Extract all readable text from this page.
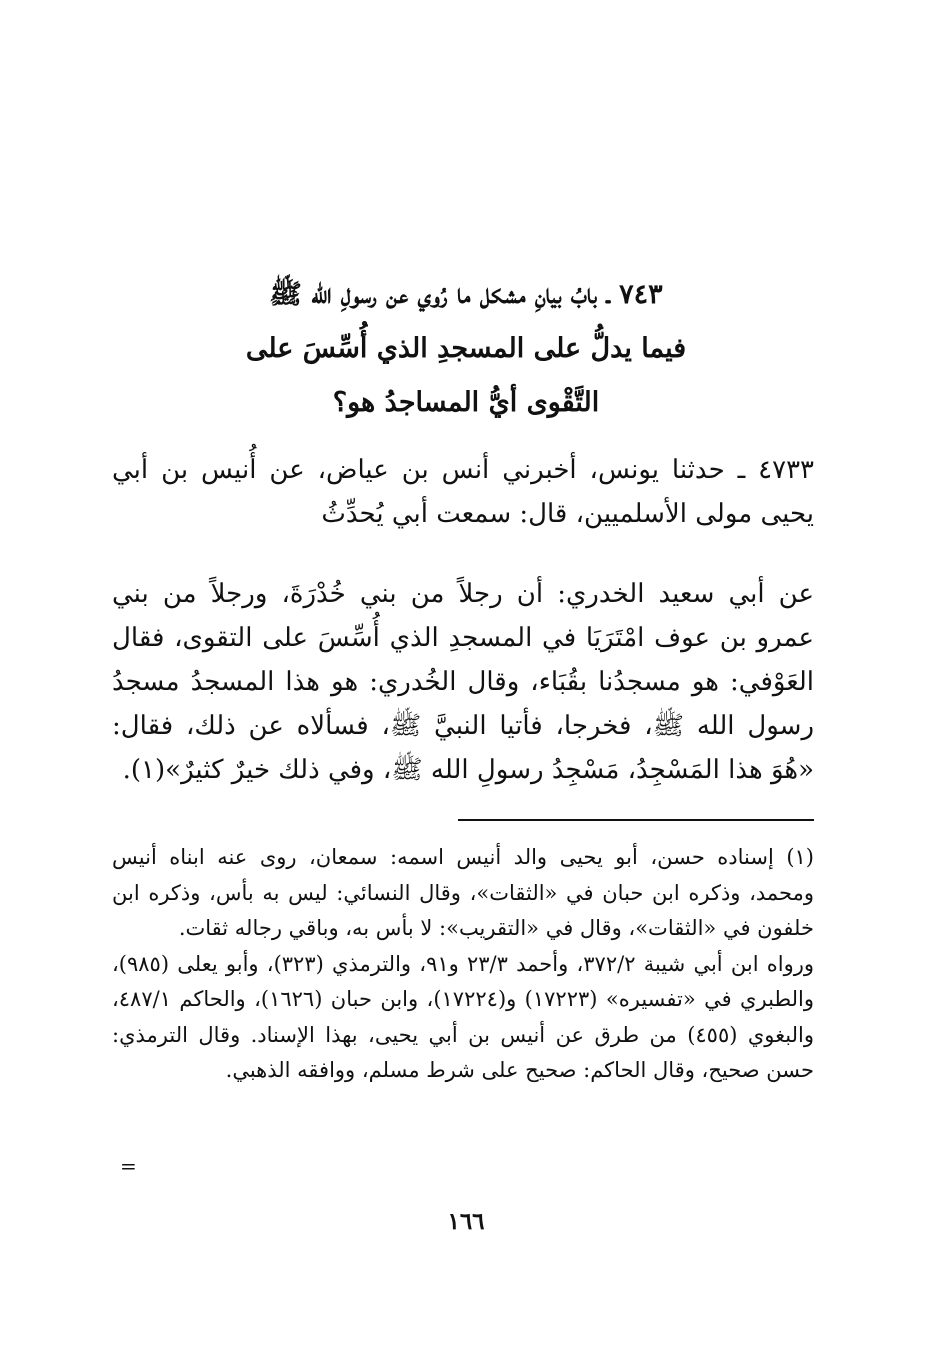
٧٤٣ ـ بابُ بيانِ مشكل ما رُوي عن رسولِ الله ﷺ
فيما يدلُّ على المسجدِ الذي أُسِّسَ على
التَّقْوى أيُّ المساجدُ هو؟

٤٧٣٣ ـ حدثنا يونس، أخبرني أنس بن عياض، عن أُنيس بن أبي يحيى مولى الأسلميين، قال: سمعت أبي يُحدِّثُ

عن أبي سعيد الخدري: أن رجلاً من بني خُدْرَةَ، ورجلاً من بني عمرو بن عوف امْتَرَيَا في المسجدِ الذي أُسِّسَ على التقوى، فقال العَوْفي: هو مسجدُنا بقُبَاء، وقال الخُدري: هو هذا المسجدُ مسجدُ رسول الله ﷺ، فخرجا، فأتيا النبيَّ ﷺ، فسألاه عن ذلك، فقال: «هُوَ هذا المَسْجِدُ، مَسْجِدُ رسولِ الله ﷺ، وفي ذلك خيرٌ كثيرٌ»(١).

(١) إسناده حسن، أبو يحيى والد أنيس اسمه: سمعان، روى عنه ابناه أنيس ومحمد، وذكره ابن حبان في «الثقات»، وقال النسائي: ليس به بأس، وذكره ابن خلفون في «الثقات»، وقال في «التقريب»: لا بأس به، وباقي رجاله ثقات.

ورواه ابن أبي شيبة ٣٧٢/٢، وأحمد ٢٣/٣ و٩١، والترمذي (٣٢٣)، وأبو يعلى (٩٨٥)، والطبري في «تفسيره» (١٧٢٢٣) و(١٧٢٢٤)، وابن حبان (١٦٢٦)، والحاكم ٤٨٧/١، والبغوي (٤٥٥) من طرق عن أنيس بن أبي يحيى، بهذا الإسناد. وقال الترمذي: حسن صحيح، وقال الحاكم: صحيح على شرط مسلم، ووافقه الذهبي.

=
١٦٦
